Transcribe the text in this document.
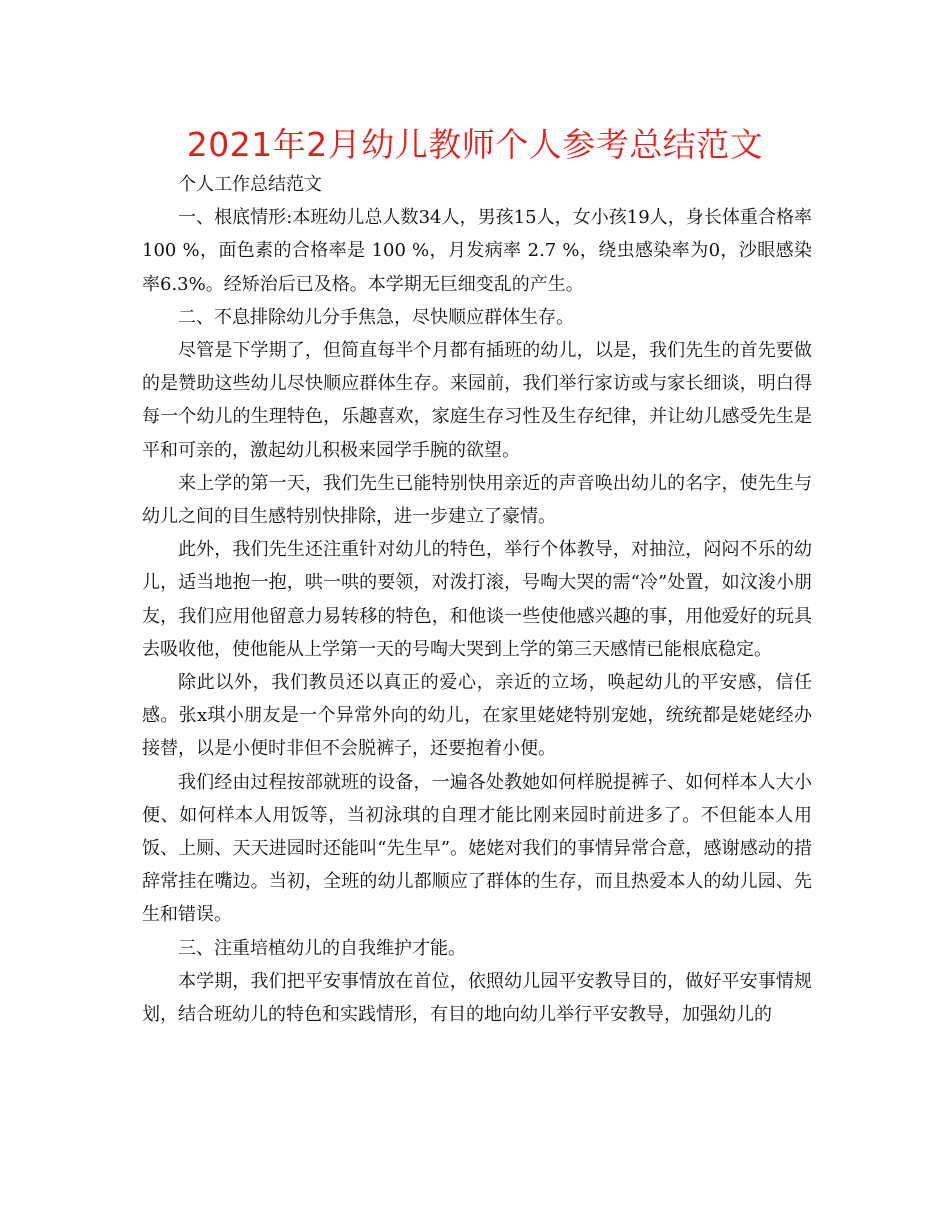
2021年2月幼儿教师个人参考总结范文

个人工作总结范文

一、根底情形:本班幼儿总人数34人，男孩15人，女小孩19人，身长体重合格率 100 %，面色素的合格率是 100 %，月发病率 2.7 %，绕虫感染率为0，沙眼感染率6.3%。经矫治后已及格。本学期无巨细变乱的产生。

二、不息排除幼儿分手焦急，尽快顺应群体生存。

尽管是下学期了，但简直每半个月都有插班的幼儿，以是，我们先生的首先要做的是赞助这些幼儿尽快顺应群体生存。来园前，我们举行家访或与家长细谈，明白得每一个幼儿的生理特色，乐趣喜欢，家庭生存习性及生存纪律，并让幼儿感受先生是平和可亲的，激起幼儿积极来园学手腕的欲望。

来上学的第一天，我们先生已能特别快用亲近的声音唤出幼儿的名字，使先生与幼儿之间的目生感特别快排除，进一步建立了豪情。

此外，我们先生还注重针对幼儿的特色，举行个体教导，对抽泣，闷闷不乐的幼儿，适当地抱一抱，哄一哄的要领，对泼打滚，号啕大哭的需“冷”处置，如汶浚小朋友，我们应用他留意力易转移的特色，和他谈一些使他感兴趣的事，用他爱好的玩具去吸收他，使他能从上学第一天的号啕大哭到上学的第三天感情已能根底稳定。

除此以外，我们教员还以真正的爱心，亲近的立场，唤起幼儿的平安感，信任感。张x琪小朋友是一个异常外向的幼儿，在家里姥姥特别宠她，统统都是姥姥经办接替，以是小便时非但不会脱裤子，还要抱着小便。

我们经由过程按部就班的设备，一遍各处教她如何样脱提裤子、如何样本人大小便、如何样本人用饭等，当初泳琪的自理才能比刚来园时前进多了。不但能本人用饭、上厕、天天进园时还能叫“先生早”。姥姥对我们的事情异常合意，感谢感动的措辞常挂在嘴边。当初，全班的幼儿都顺应了群体的生存，而且热爱本人的幼儿园、先生和错误。

三、注重培植幼儿的自我维护才能。

本学期，我们把平安事情放在首位，依照幼儿园平安教导目的，做好平安事情规划，结合班幼儿的特色和实践情形，有目的地向幼儿举行平安教导，加强幼儿的
